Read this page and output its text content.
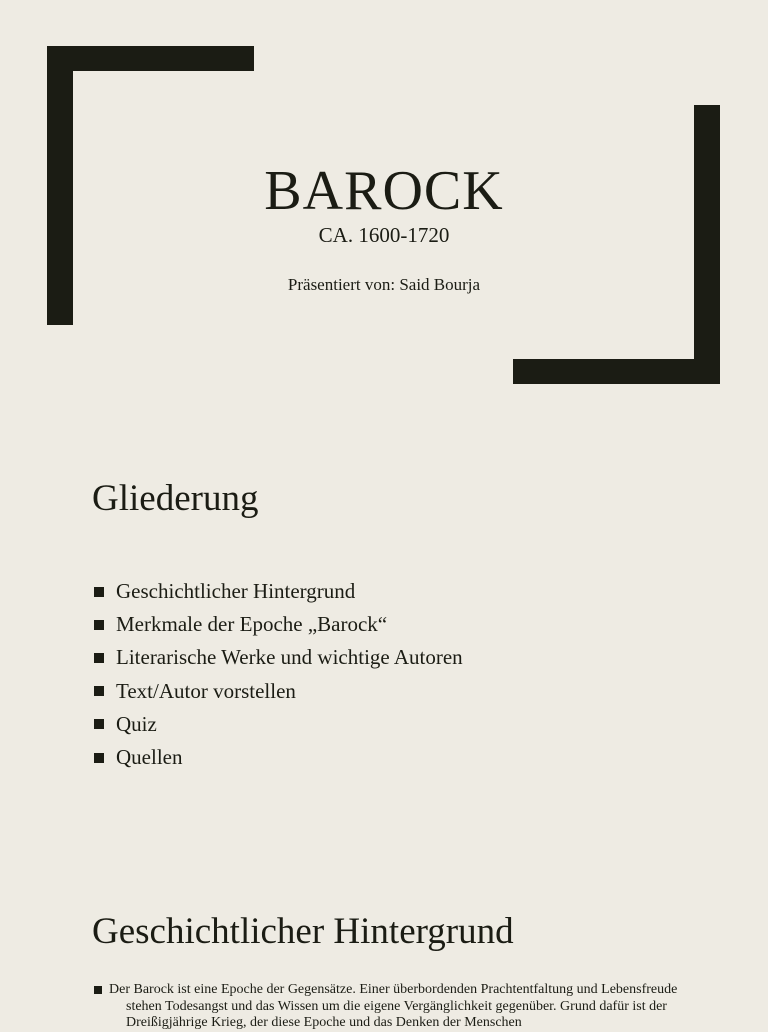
BAROCK
CA. 1600-1720
Präsentiert von: Said Bourja
Gliederung
Geschichtlicher Hintergrund
Merkmale der Epoche „Barock“
Literarische Werke und wichtige Autoren
Text/Autor vorstellen
Quiz
Quellen
Geschichtlicher Hintergrund
Der Barock ist eine Epoche der Gegensätze. Einer überbordenden Prachtentfaltung und Lebensfreude stehen Todesangst und das Wissen um die eigene Vergänglichkeit gegenüber. Grund dafür ist der Dreißigjährige Krieg, der diese Epoche und das Denken der Menschen
